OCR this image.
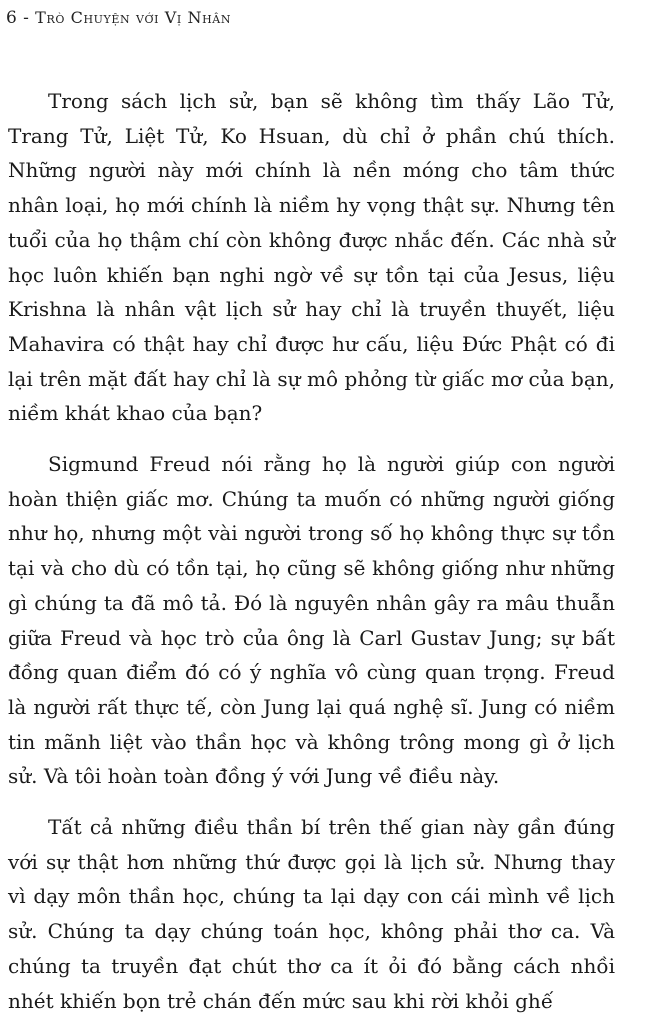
6 - Trò Chuyện với Vị Nhân

Trong sách lịch sử, bạn sẽ không tìm thấy Lão Tử, Trang Tử, Liệt Tử, Ko Hsuan, dù chỉ ở phần chú thích. Những người này mới chính là nền móng cho tâm thức nhân loại, họ mới chính là niềm hy vọng thật sự. Nhưng tên tuổi của họ thậm chí còn không được nhắc đến. Các nhà sử học luôn khiến bạn nghi ngờ về sự tồn tại của Jesus, liệu Krishna là nhân vật lịch sử hay chỉ là truyền thuyết, liệu Mahavira có thật hay chỉ được hư cấu, liệu Đức Phật có đi lại trên mặt đất hay chỉ là sự mô phỏng từ giấc mơ của bạn, niềm khát khao của bạn?

Sigmund Freud nói rằng họ là người giúp con người hoàn thiện giấc mơ. Chúng ta muốn có những người giống như họ, nhưng một vài người trong số họ không thực sự tồn tại và cho dù có tồn tại, họ cũng sẽ không giống như những gì chúng ta đã mô tả. Đó là nguyên nhân gây ra mâu thuẫn giữa Freud và học trò của ông là Carl Gustav Jung; sự bất đồng quan điểm đó có ý nghĩa vô cùng quan trọng. Freud là người rất thực tế, còn Jung lại quá nghệ sĩ. Jung có niềm tin mãnh liệt vào thần học và không trông mong gì ở lịch sử. Và tôi hoàn toàn đồng ý với Jung về điều này.

Tất cả những điều thần bí trên thế gian này gần đúng với sự thật hơn những thứ được gọi là lịch sử. Nhưng thay vì dạy môn thần học, chúng ta lại dạy con cái mình về lịch sử. Chúng ta dạy chúng toán học, không phải thơ ca. Và chúng ta truyền đạt chút thơ ca ít ỏi đó bằng cách nhồi nhét khiến bọn trẻ chán đến mức sau khi rời khỏi ghế
